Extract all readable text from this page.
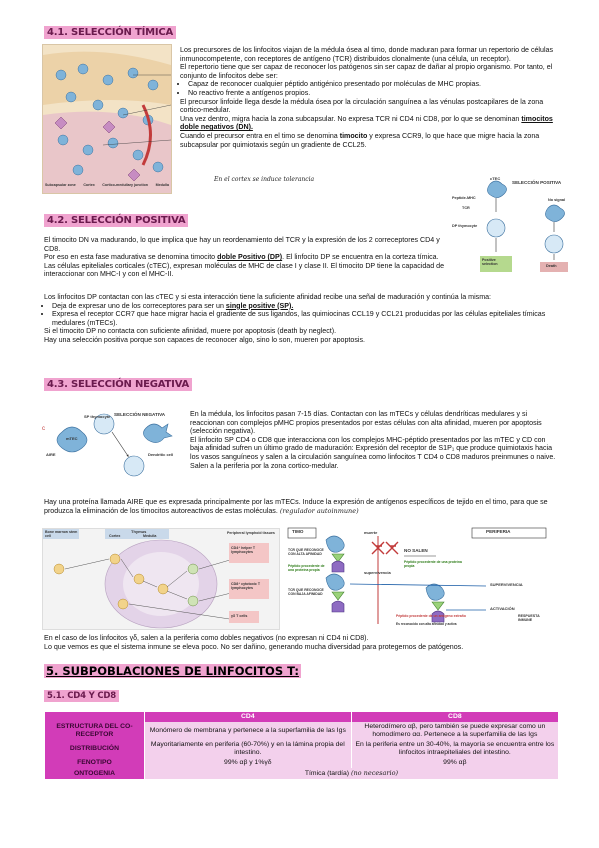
4.1. SELECCIÓN TÍMICA
Subcapsular zone Cortex Cortico-medullary junction Medulla

Los precursores de los linfocitos viajan de la médula ósea al timo, donde maduran para formar un repertorio de células inmunocompetente, con receptores de antígeno (TCR) distribuidos clonalmente (una célula, un receptor).

El repertorio tiene que ser capaz de reconocer los patógenos sin ser capaz de dañar al propio organismo. Por tanto, el conjunto de linfocitos debe ser:

• Capaz de reconocer cualquier péptido antigénico presentado por moléculas de MHC propias.
• No reactivo frente a antígenos propios.

El precursor linfoide llega desde la médula ósea por la circulación sanguínea a las vénulas postcapilares de la zona cortico-medular.

Una vez dentro, migra hacia la zona subcapsular. No expresa TCR ni CD4 ni CD8, por lo que se denominan timocitos doble negativos (DN).

Cuando el precursor entra en el timo se denomina timocito y expresa CCR9, lo que hace que migre hacia la zona subcapsular por quimiotaxis según un gradiente de CCL25.

En el cortex se induce tolerancia	SELECCIÓN POSITIVA
cTEC
Peptide-MHC
TCR
DP thymocyte
No signal
Positive selection	Death
4.2. SELECCIÓN POSITIVA

El timocito DN va madurando, lo que implica que hay un reordenamiento del TCR y la expresión de los 2 correceptores CD4 y CD8.

Por eso en esta fase madurativa se denomina timocito doble Positivo (DP). El linfocito DP se encuentra en la corteza tímica.

Las células epiteliales corticales (cTEC), expresan moléculas de MHC de clase I y clase II. El timocito DP tiene la capacidad de interaccionar con MHC-I y con el MHC-II.

Los linfocitos DP contactan con las cTEC y si esta interacción tiene la suficiente afinidad recibe una señal de maduración y continúa la misma:

• Deja de expresar uno de los correceptores para ser un single positive (SP).
• Expresa el receptor CCR7 que hace migrar hacia el gradiente de sus ligandos, las quimiocinas CCL19 y CCL21 producidas por las células epiteliales tímicas medulares (mTECs).

Si el timocito DP no contacta con suficiente afinidad, muere por apoptosis (death by neglect).

Hay una selección positiva porque son capaces de reconocer algo, sino lo son, mueren por apoptosis.

4.3. SELECCIÓN NEGATIVA
c
SELECCIÓN NEGATIVA
SP thymocyte
AIRE
mTEC
Dendritic cell

En la médula, los linfocitos pasan 7-15 días. Contactan con las mTECs y células dendríticas medulares y si reaccionan con complejos pMHC propios presentados por estas células con alta afinidad, mueren por apoptosis (selección negativa).

El linfocito SP CD4 o CD8 que interacciona con los complejos MHC-péptido presentados por las mTEC y CD con baja afinidad sufren un último grado de maduración: Expresión del receptor de S1P₁ que produce quimiotaxis hacia los vasos sanguíneos y salen a la circulación sanguínea como linfocitos T CD4 o CD8 maduros preinmunes o naive.

Salen a la periferia por la zona cortico-medular.

Hay una proteína llamada AIRE que es expresada principalmente por las mTECs. Induce la expresión de antígenos específicos de tejido en el timo, para que se produzca la eliminación de los timocitos autoreactivos de estas moléculas. (regulador autoinmune)

Bone marrow stem cell
Thymus
Cortex	Medulla
CD4⁺ helper T lymphocytes
CD8⁺ cytotoxic T lymphocytes
γδ T cells
Peripheral lymphoid tissues	TIMO	PERIFERIA
muerte
NO SALEN
TCR QUE RECONOCE CON ALTA AFINIDAD
TCR QUE RECONOCE CON BAJA AFINIDAD
Péptido procedente de una proteína propia
Péptido procedente de una proteína propia
supervivencia
SUPERVIVENCIA
ACTIVACIÓN
RESPUESTA INMUNE
Péptido procedente de un antígeno extraño
Es reconocido con alta afinidad y activa

En el caso de los linfocitos γδ, salen a la periferia como dobles negativos (no expresan ni CD4 ni CD8).

Lo que vemos es que el sistema inmune se eleva poco. No ser dañino, generando mucha diversidad para protegernos de patógenos.

5. SUBPOBLACIONES DE LINFOCITOS T:
5.1. CD4 Y CD8
	CD4	CD8
ESTRUCTURA DEL CO-RECEPTOR	Monómero de membrana y pertenece a la superfamilia de las Igs	Heterodímero αβ, pero también se puede expresar como un homodímero αα. Pertenece a la superfamilia de las Igs
DISTRIBUCIÓN	Mayoritariamente en periferia (60-70%) y en la lámina propia del intestino.	En la periferia entre un 30-40%, la mayoría se encuentra entre los linfocitos intraepiteliales del intestino.
FENOTIPO	99% αβ y 1%γδ	99% αβ
ONTOGENIA	Tímica (tardía) (no necesario)	
